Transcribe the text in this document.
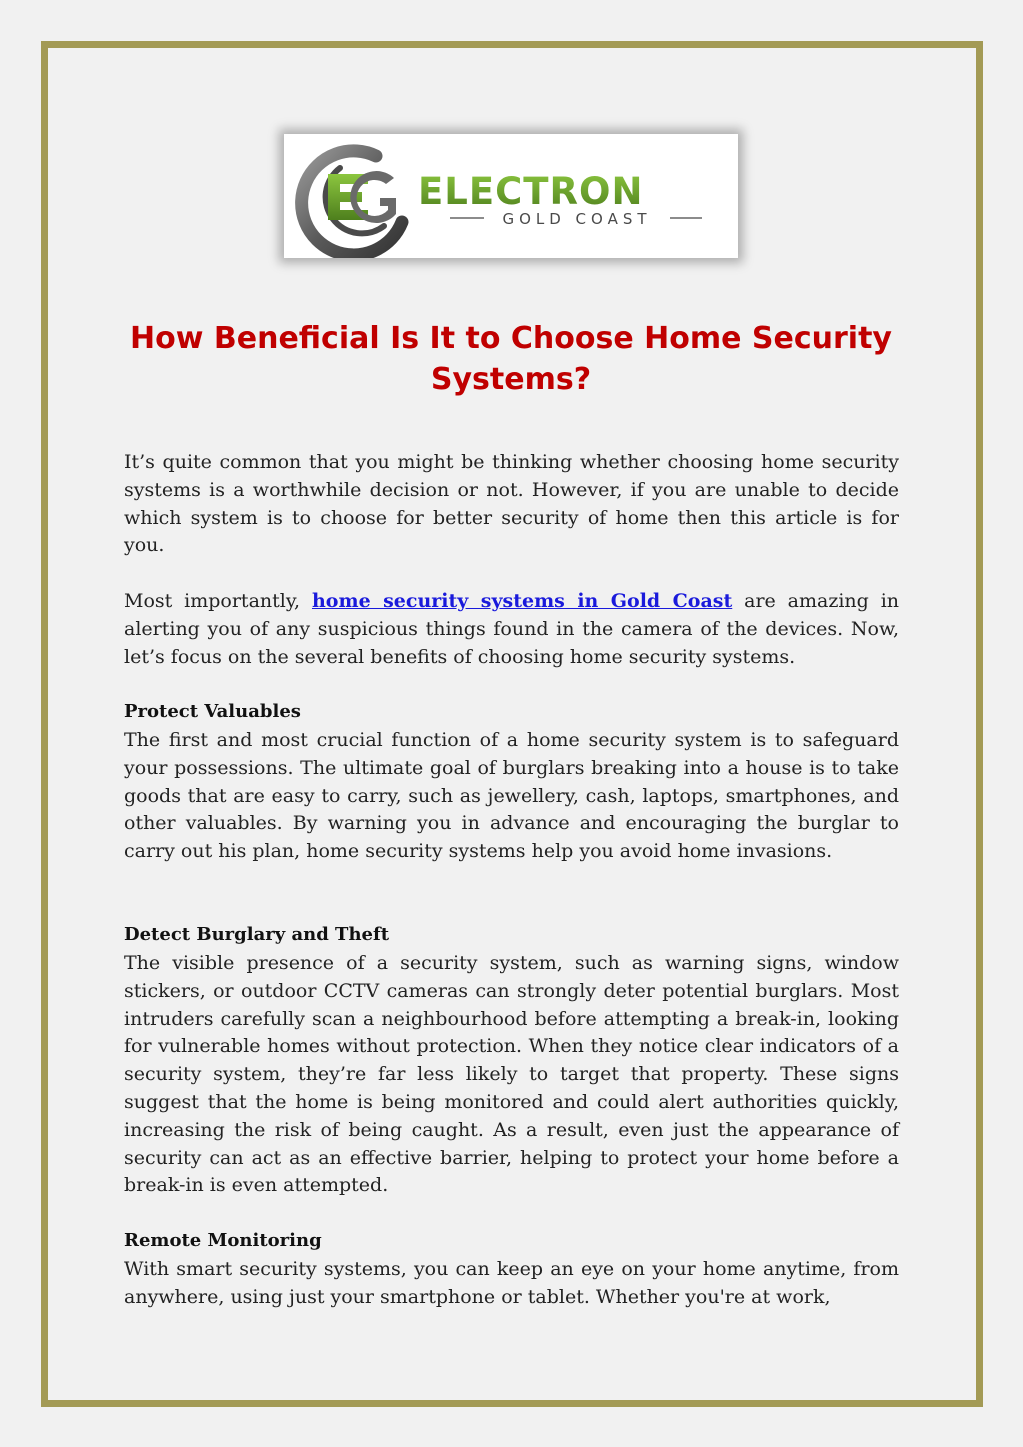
ELECTRON
GOLD COAST
How Beneficial Is It to Choose Home Security Systems?

It’s quite common that you might be thinking whether choosing home security systems is a worthwhile decision or not. However, if you are unable to decide which system is to choose for better security of home then this article is for you.

Most importantly, home security systems in Gold Coast are amazing in alerting you of any suspicious things found in the camera of the devices. Now, let’s focus on the several benefits of choosing home security systems.

Protect Valuables

The first and most crucial function of a home security system is to safeguard your possessions. The ultimate goal of burglars breaking into a house is to take goods that are easy to carry, such as jewellery, cash, laptops, smartphones, and other valuables. By warning you in advance and encouraging the burglar to carry out his plan, home security systems help you avoid home invasions.

Detect Burglary and Theft

The visible presence of a security system, such as warning signs, window stickers, or outdoor CCTV cameras can strongly deter potential burglars. Most intruders carefully scan a neighbourhood before attempting a break-in, looking for vulnerable homes without protection. When they notice clear indicators of a security system, they’re far less likely to target that property. These signs suggest that the home is being monitored and could alert authorities quickly, increasing the risk of being caught. As a result, even just the appearance of security can act as an effective barrier, helping to protect your home before a break-in is even attempted.

Remote Monitoring

With smart security systems, you can keep an eye on your home anytime, from anywhere, using just your smartphone or tablet. Whether you're at work,
